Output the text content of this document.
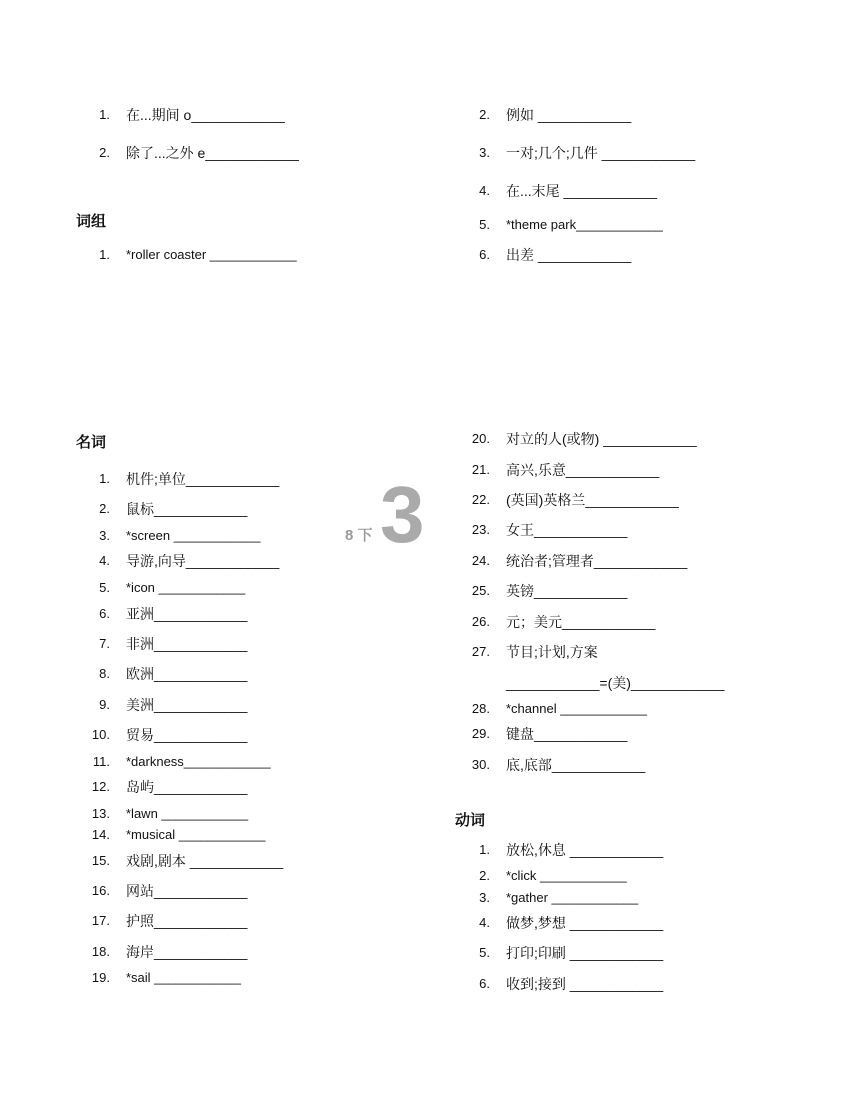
1. 在...期间 o____________
2. 除了...之外 e____________
2. 例如 ____________
3. 一对;几个;几件 ____________
4. 在...末尾 ____________
5. *theme park____________
6. 出差 ____________
词组
1. *roller coaster ____________
名词
1. 机件;单位____________
2. 鼠标____________
3. *screen ____________
4. 导游,向导____________
5. *icon ____________
6. 亚洲____________
7. 非洲____________
8. 欧洲____________
9. 美洲____________
10. 贸易____________
11. *darkness____________
12. 岛屿____________
13. *lawn ____________
14. *musical ____________
15. 戏剧,剧本 ____________
16. 网站____________
17. 护照____________
18. 海岸____________
19. *sail ____________
20. 对立的人(或物) ____________
21. 高兴,乐意____________
22. (英国)英格兰____________
23. 女王____________
24. 统治者;管理者____________
25. 英镑____________
26. 元；美元____________
27. 节目;计划,方案
____________=(美)____________
28. *channel ____________
29. 键盘____________
30. 底,底部____________
动词
1. 放松,休息 ____________
2. *click ____________
3. *gather ____________
4. 做梦,梦想 ____________
5. 打印;印刷 ____________
6. 收到;接到 ____________
8 下 3
